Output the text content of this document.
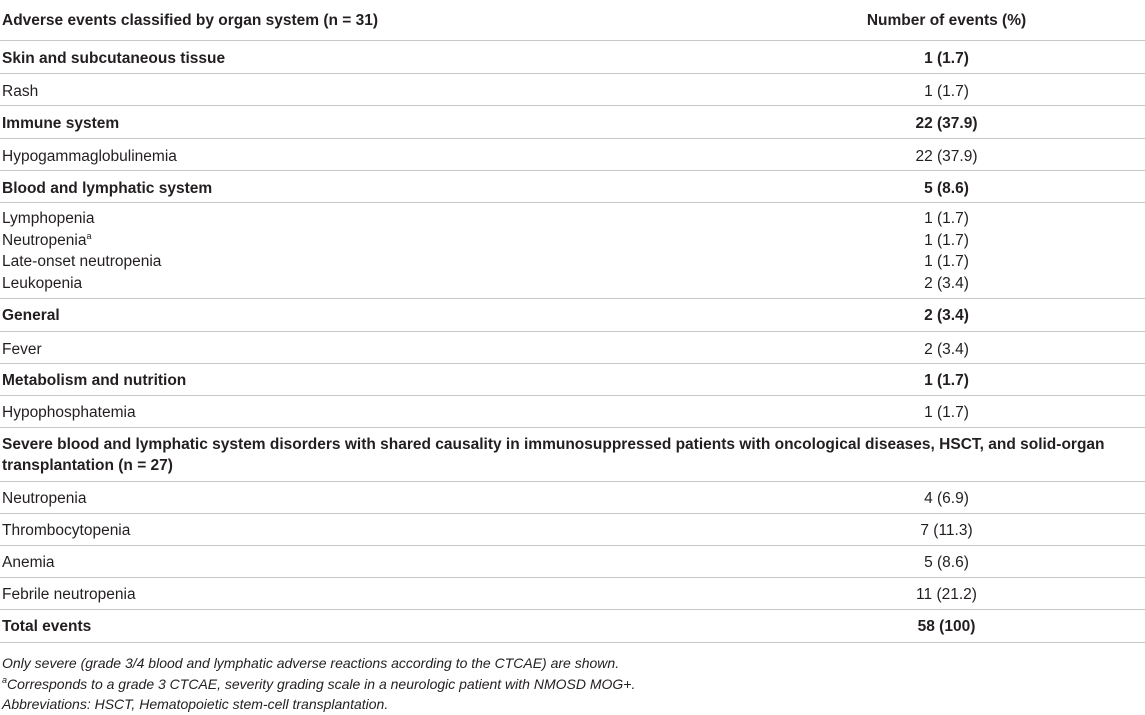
Adverse events classified by organ system (n = 31)	Number of events (%)
Skin and subcutaneous tissue	1 (1.7)
Rash	1 (1.7)
Immune system	22 (37.9)
Hypogammaglobulinemia	22 (37.9)
Blood and lymphatic system	5 (8.6)
Lymphopenia	1 (1.7)
Neutropenia$^a$	1 (1.7)
Late-onset neutropenia	1 (1.7)
Leukopenia	2 (3.4)
General	2 (3.4)
Fever	2 (3.4)
Metabolism and nutrition	1 (1.7)
Hypophosphatemia	1 (1.7)
Severe blood and lymphatic system disorders with shared causality in immunosuppressed patients with oncological diseases, HSCT, and solid-organ
transplantation (n = 27)
Neutropenia	4 (6.9)
Thrombocytopenia	7 (11.3)
Anemia	5 (8.6)
Febrile neutropenia	11 (21.2)
Total events	58 (100)
Only severe (grade 3/4 blood and lymphatic adverse reactions according to the CTCAE) are shown.
$^a$Corresponds to a grade 3 CTCAE, severity grading scale in a neurologic patient with NMOSD MOG+.
Abbreviations: HSCT, Hematopoietic stem-cell transplantation.
